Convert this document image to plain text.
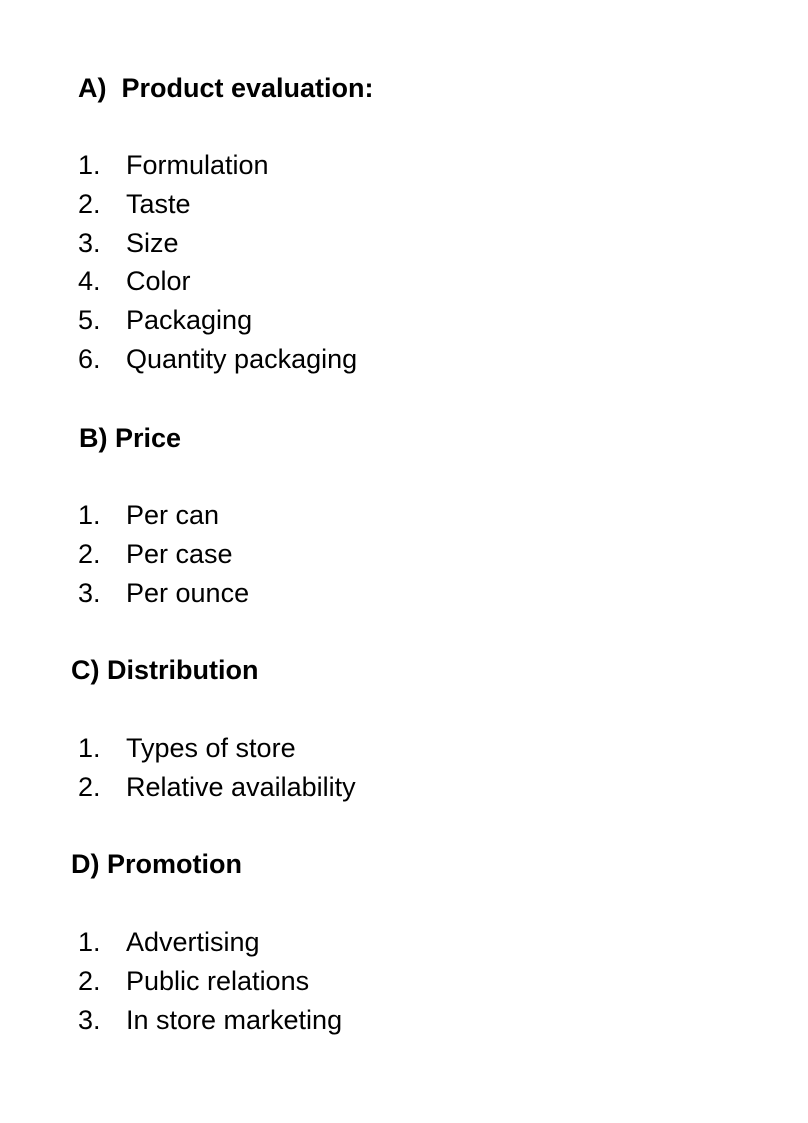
A)  Product evaluation:
1. Formulation
2. Taste
3. Size
4. Color
5. Packaging
6. Quantity packaging
B) Price
1. Per can
2. Per case
3. Per ounce
C) Distribution
1. Types of store
2. Relative availability
D) Promotion
1. Advertising
2. Public relations
3. In store marketing
